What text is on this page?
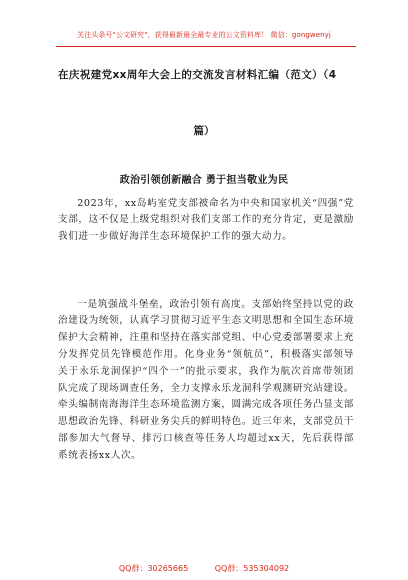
关注头条号"公文研究"，获得最新最全最专业的公文资料库！ 微信：gongwenyj
在庆祝建党xx周年大会上的交流发言材料汇编（范文）（4
篇）
政治引领创新融合 勇于担当敬业为民

2023年，xx岛屿室党支部被命名为中央和国家机关“四强”党支部，这不仅是上级党组织对我们支部工作的充分肯定，更是激励我们进一步做好海洋生态环境保护工作的强大动力。

一是筑强战斗堡垒，政治引领有高度。支部始终坚持以党的政治建设为统领，认真学习贯彻习近平生态文明思想和全国生态环境保护大会精神，注重和坚持在落实部党组、中心党委部署要求上充分发挥党员先锋模范作用。化身业务“领航员”，积极落实部领导关于永乐龙洞保护“四个一”的批示要求，我作为航次首席带领团队完成了现场调查任务，全力支撑永乐龙洞科学观测研究站建设。牵头编制南海海洋生态环境监测方案，圆满完成各项任务凸显支部思想政治先锋、科研业务尖兵的鲜明特色。近三年来，支部党员干部参加大气督导、排污口核查等任务人均超过xx天，先后获得部系统表扬xx人次。

QQ群：30265665	QQ群：535304092
